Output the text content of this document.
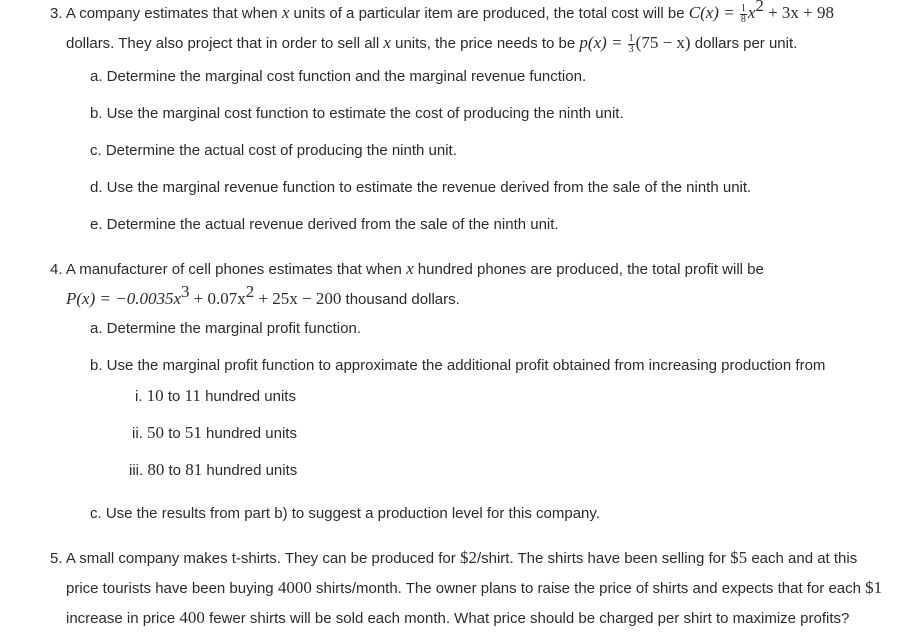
3. A company estimates that when x units of a particular item are produced, the total cost will be $C(x) = \frac{1}{8} x^2 + 3x + 98$
dollars. They also project that in order to sell all x units, the price needs to be $p(x) = \frac{1}{3} (75 - x)$ dollars per unit.
a. Determine the marginal cost function and the marginal revenue function.
b. Use the marginal cost function to estimate the cost of producing the ninth unit.
c. Determine the actual cost of producing the ninth unit.
d. Use the marginal revenue function to estimate the revenue derived from the sale of the ninth unit.
e. Determine the actual revenue derived from the sale of the ninth unit.
4. A manufacturer of cell phones estimates that when x hundred phones are produced, the total profit will be
$P(x) = -0.0035x^3 + 0.07x^2 + 25x - 200$ thousand dollars.
a. Determine the marginal profit function.
b. Use the marginal profit function to approximate the additional profit obtained from increasing production from
i. 10 to 11 hundred units
ii. 50 to 51 hundred units
iii. 80 to 81 hundred units
c. Use the results from part b) to suggest a production level for this company.
5. A small company makes t-shirts. They can be produced for $2/shirt. The shirts have been selling for $5 each and at this
price tourists have been buying 4000 shirts/month. The owner plans to raise the price of shirts and expects that for each $1
increase in price 400 fewer shirts will be sold each month. What price should be charged per shirt to maximize profits?
